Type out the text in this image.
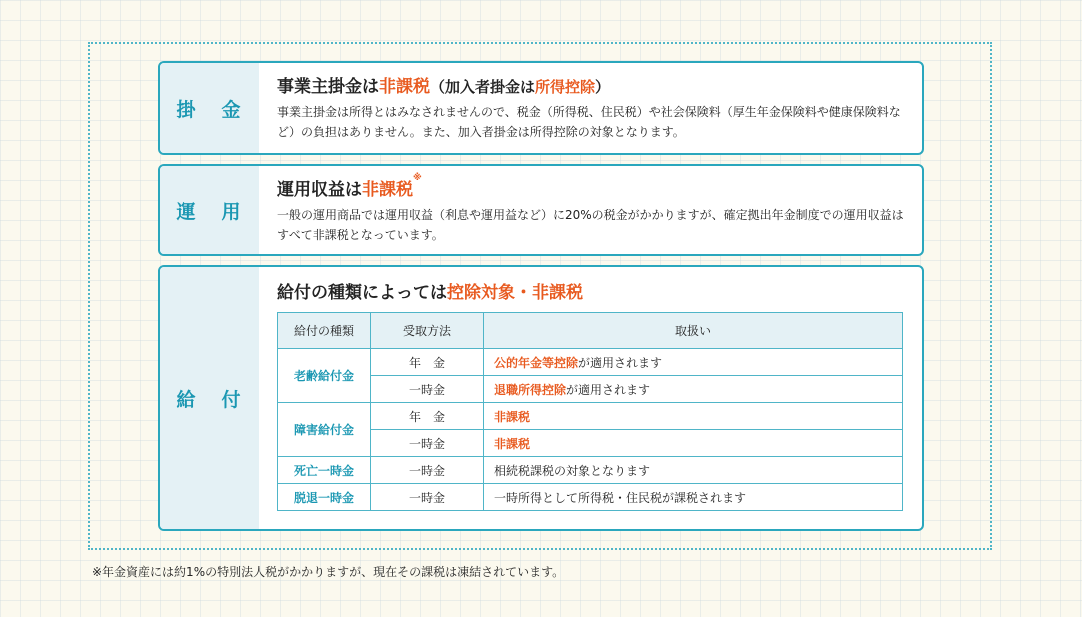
掛 金
事業主掛金は非課税（加入者掛金は所得控除）
事業主掛金は所得とはみなされませんので、税金（所得税、住民税）や社会保険料（厚生年金保険料や健康保険料など）の負担はありません。また、加入者掛金は所得控除の対象となります。
運 用
運用収益は非課税※
一般の運用商品では運用収益（利息や運用益など）に20%の税金がかかりますが、確定拠出年金制度での運用収益はすべて非課税となっています。
給 付
給付の種類によっては控除対象・非課税
給付の種類	受取方法	取扱い
老齢給付金	年　金	公的年金等控除が適用されます
	一時金	退職所得控除が適用されます
障害給付金	年　金	非課税
	一時金	非課税
死亡一時金	一時金	相続税課税の対象となります
脱退一時金	一時金	一時所得として所得税・住民税が課税されます
※年金資産には約1%の特別法人税がかかりますが、現在その課税は凍結されています。
